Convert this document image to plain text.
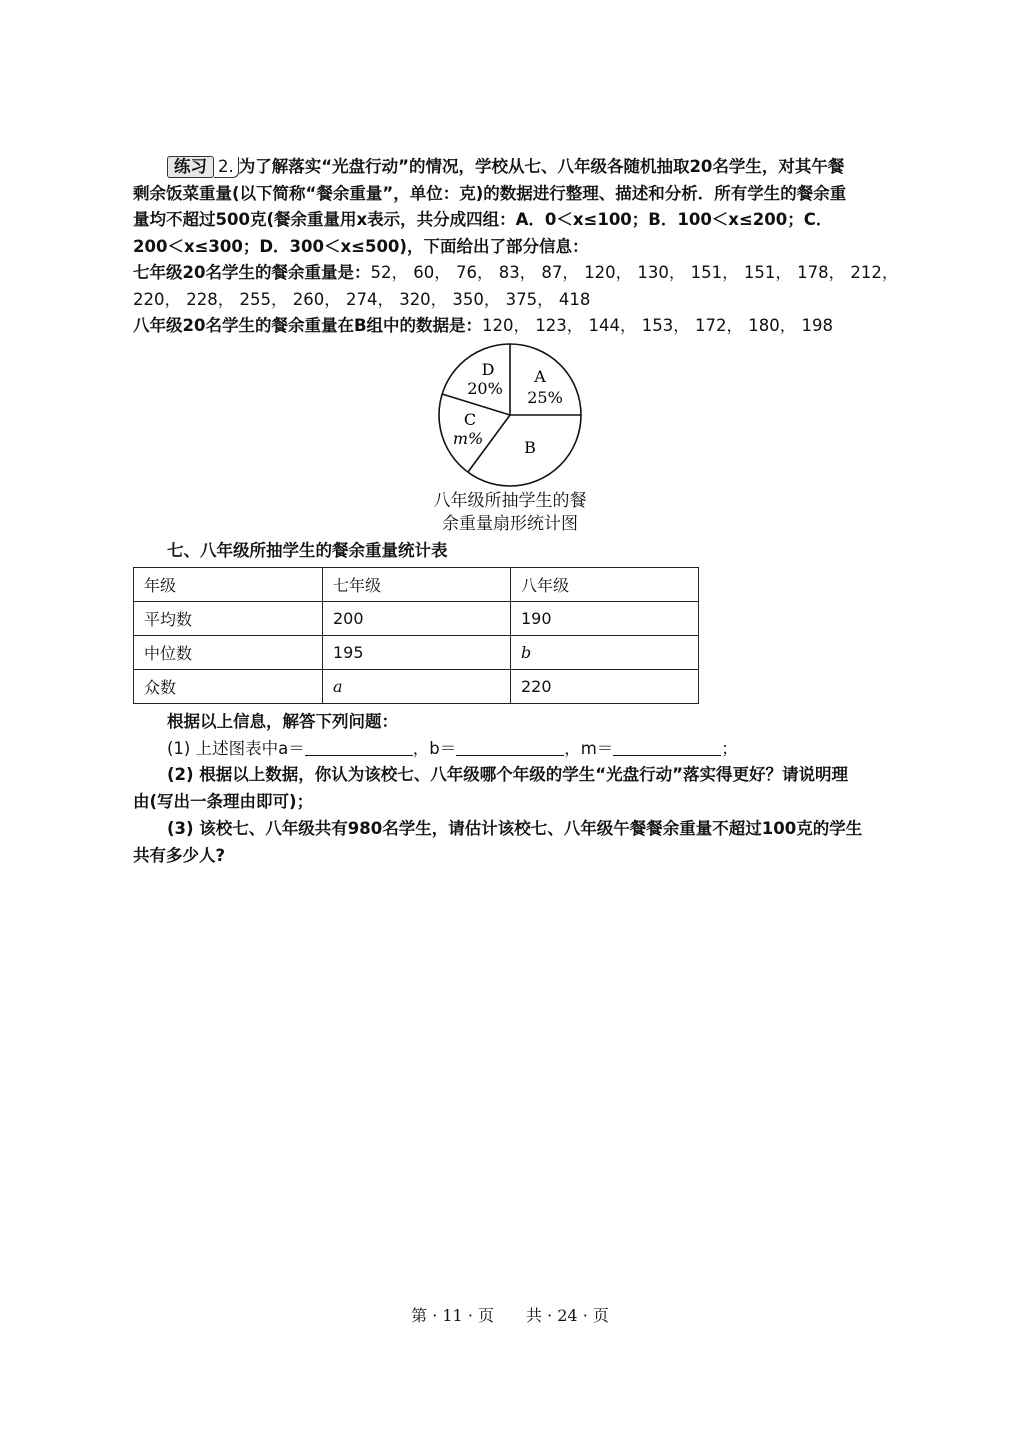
练习 2. 为了解落实“光盘行动”的情况，学校从七、八年级各随机抽取20名学生，对其午餐
剩余饭菜重量(以下简称“餐余重量”，单位：克)的数据进行整理、描述和分析．所有学生的餐余重
量均不超过500克(餐余重量用x表示，共分成四组：A．0＜x≤100；B．100＜x≤200；C．
200＜x≤300；D．300＜x≤500)，下面给出了部分信息：
七年级20名学生的餐余重量是：52， 60， 76， 83， 87， 120， 130， 151， 151， 178， 212，
220， 228， 255， 260， 274， 320， 350， 375， 418
八年级20名学生的餐余重量在B组中的数据是：120， 123， 144， 153， 172， 180， 198
A
25%
B
C
m%
D
20%
八年级所抽学生的餐
余重量扇形统计图
七、八年级所抽学生的餐余重量统计表
年级	七年级	八年级
平均数	200	190
中位数	195	b
众数	a	220
根据以上信息，解答下列问题：
(1) 上述图表中a＝	，b＝	，m＝	；
(2) 根据以上数据，你认为该校七、八年级哪个年级的学生“光盘行动”落实得更好？请说明理
由(写出一条理由即可)；
(3) 该校七、八年级共有980名学生，请估计该校七、八年级午餐餐余重量不超过100克的学生
共有多少人?
第 · 11 · 页　　共 · 24 · 页
